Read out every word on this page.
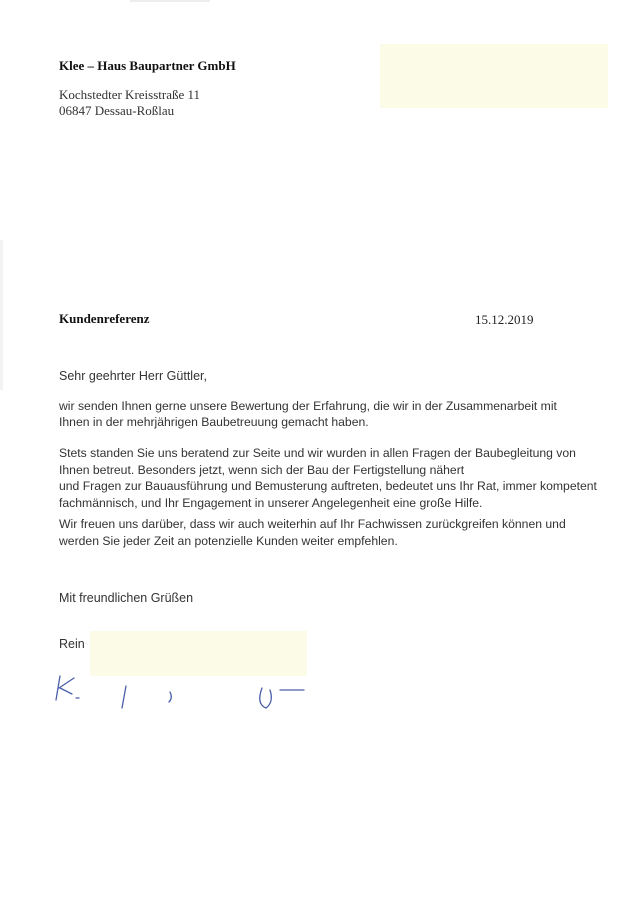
Klee – Haus Baupartner GmbH
Kochstedter Kreisstraße 11
06847 Dessau-Roßlau
Kundenreferenz	15.12.2019
Sehr geehrter Herr Güttler,
wir senden Ihnen gerne unsere Bewertung der Erfahrung, die wir in der Zusammenarbeit mit
Ihnen in der mehrjährigen Baubetreuung gemacht haben.
Stets standen Sie uns beratend zur Seite und wir wurden in allen Fragen der Baubegleitung von
Ihnen betreut. Besonders jetzt, wenn sich der Bau der Fertigstellung nähert
und Fragen zur Bauausführung und Bemusterung auftreten, bedeutet uns Ihr Rat, immer kompetent
fachmännisch, und Ihr Engagement in unserer Angelegenheit eine große Hilfe.
Wir freuen uns darüber, dass wir auch weiterhin auf Ihr Fachwissen zurückgreifen können und
werden Sie jeder Zeit an potenzielle Kunden weiter empfehlen.
Mit freundlichen Grüßen
Rein
